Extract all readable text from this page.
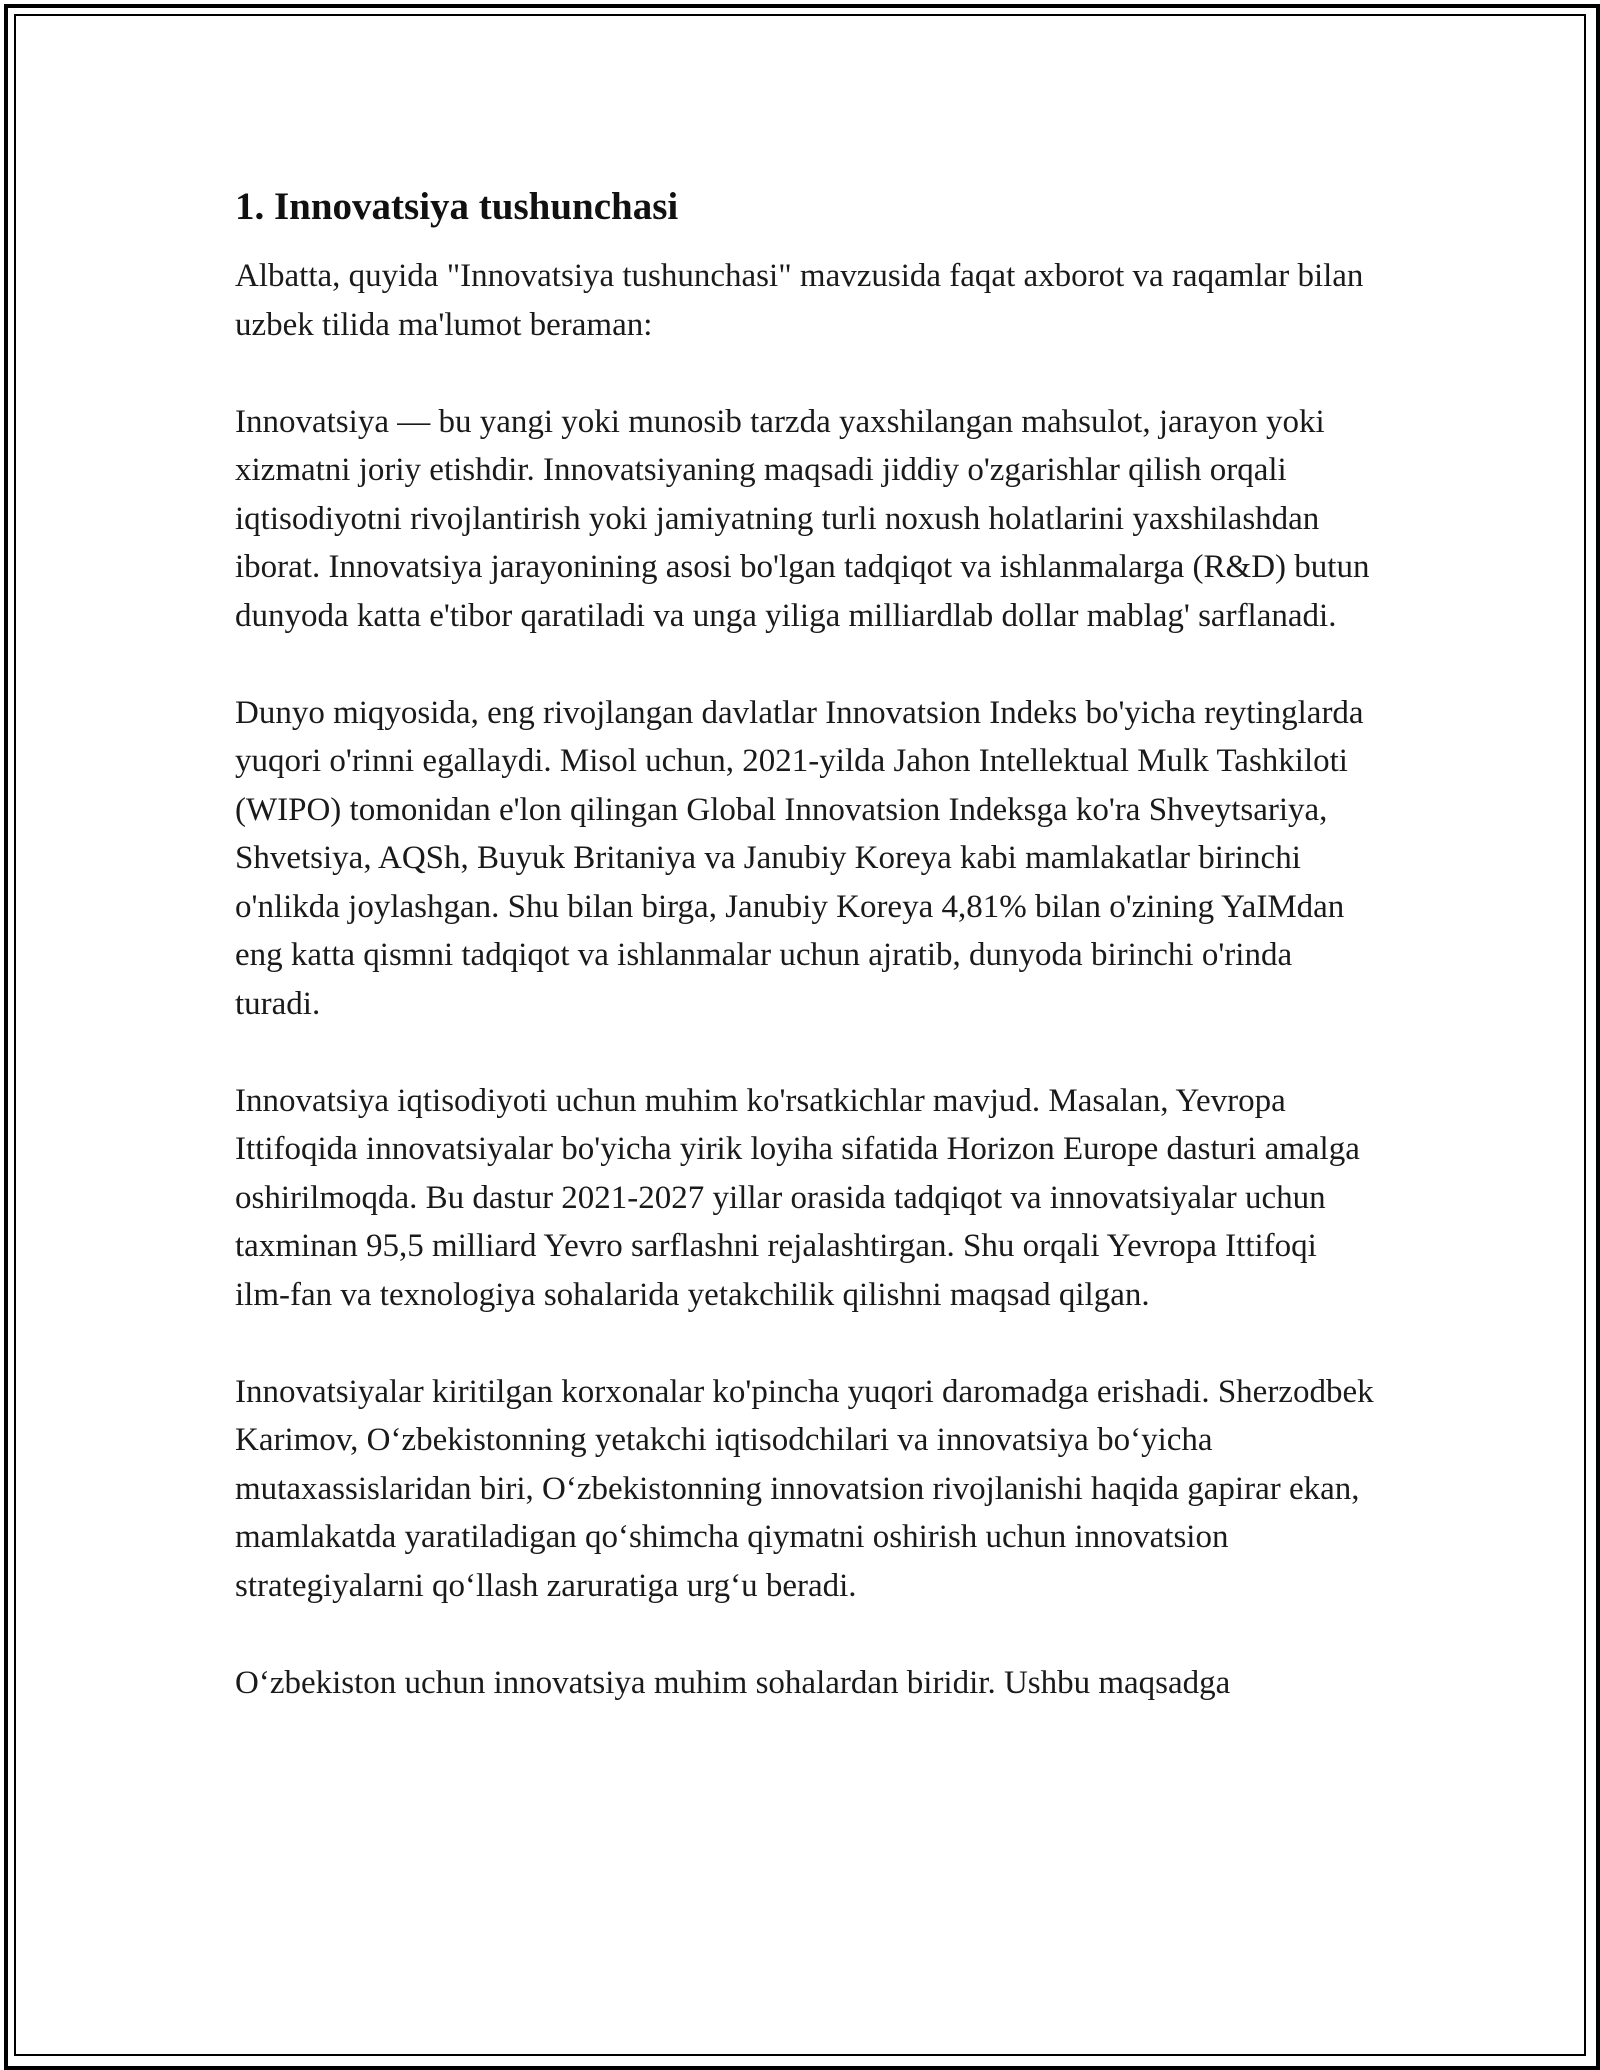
1. Innovatsiya tushunchasi

Albatta, quyida "Innovatsiya tushunchasi" mavzusida faqat axborot va raqamlar bilan uzbek tilida ma'lumot beraman:

Innovatsiya — bu yangi yoki munosib tarzda yaxshilangan mahsulot, jarayon yoki xizmatni joriy etishdir. Innovatsiyaning maqsadi jiddiy o'zgarishlar qilish orqali iqtisodiyotni rivojlantirish yoki jamiyatning turli noxush holatlarini yaxshilashdan iborat. Innovatsiya jarayonining asosi bo'lgan tadqiqot va ishlanmalarga (R&D) butun dunyoda katta e'tibor qaratiladi va unga yiliga milliardlab dollar mablag' sarflanadi.

Dunyo miqyosida, eng rivojlangan davlatlar Innovatsion Indeks bo'yicha reytinglarda yuqori o'rinni egallaydi. Misol uchun, 2021-yilda Jahon Intellektual Mulk Tashkiloti (WIPO) tomonidan e'lon qilingan Global Innovatsion Indeksga ko'ra Shveytsariya, Shvetsiya, AQSh, Buyuk Britaniya va Janubiy Koreya kabi mamlakatlar birinchi o'nlikda joylashgan. Shu bilan birga, Janubiy Koreya 4,81% bilan o'zining YaIMdan eng katta qismni tadqiqot va ishlanmalar uchun ajratib, dunyoda birinchi o'rinda turadi.

Innovatsiya iqtisodiyoti uchun muhim ko'rsatkichlar mavjud. Masalan, Yevropa Ittifoqida innovatsiyalar bo'yicha yirik loyiha sifatida Horizon Europe dasturi amalga oshirilmoqda. Bu dastur 2021-2027 yillar orasida tadqiqot va innovatsiyalar uchun taxminan 95,5 milliard Yevro sarflashni rejalashtirgan. Shu orqali Yevropa Ittifoqi ilm-fan va texnologiya sohalarida yetakchilik qilishni maqsad qilgan.

Innovatsiyalar kiritilgan korxonalar ko'pincha yuqori daromadga erishadi. Sherzodbek Karimov, O‘zbekistonning yetakchi iqtisodchilari va innovatsiya bo‘yicha mutaxassislaridan biri, O‘zbekistonning innovatsion rivojlanishi haqida gapirar ekan, mamlakatda yaratiladigan qo‘shimcha qiymatni oshirish uchun innovatsion strategiyalarni qo‘llash zaruratiga urg‘u beradi.

O‘zbekiston uchun innovatsiya muhim sohalardan biridir. Ushbu maqsadga
